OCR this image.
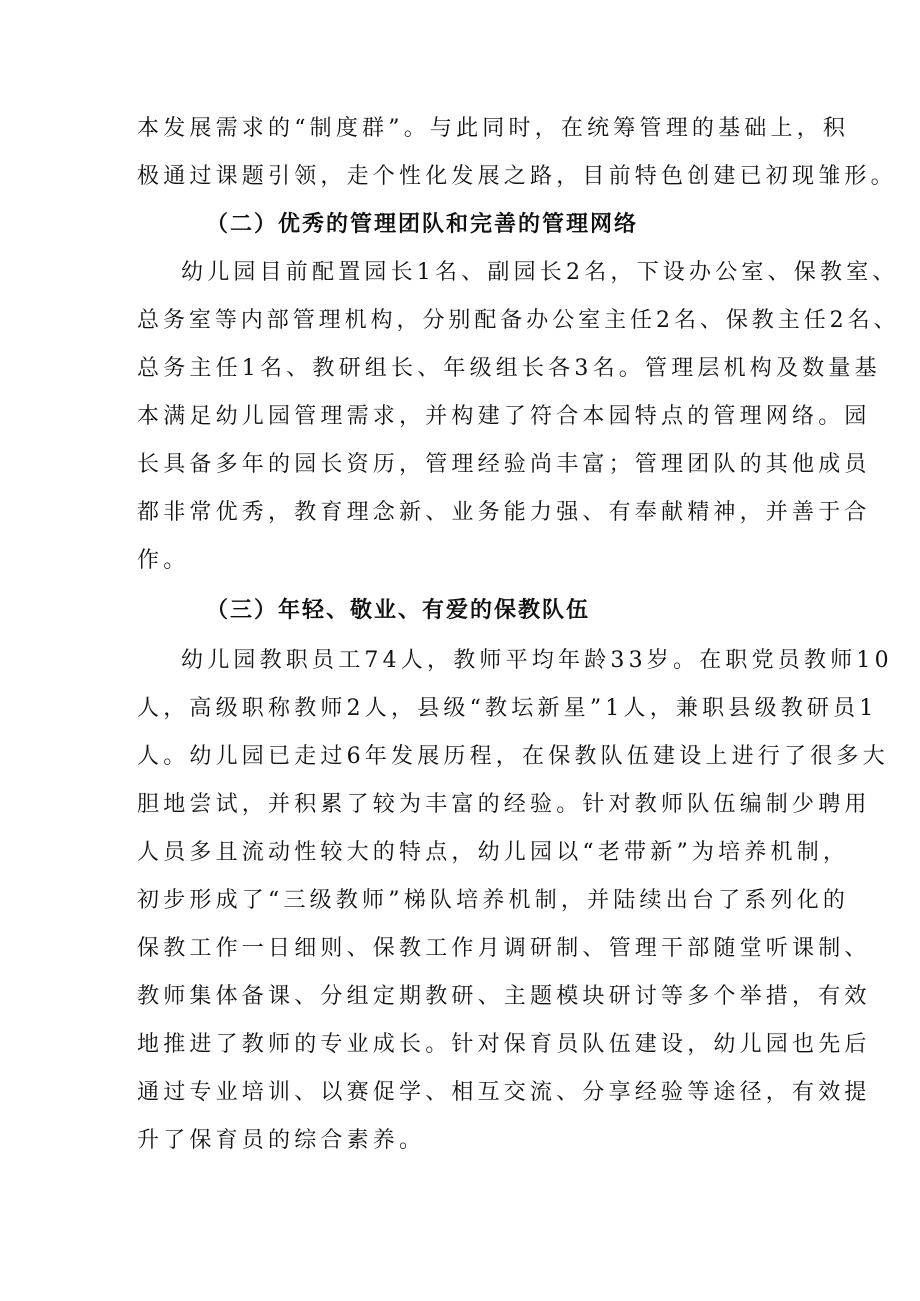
本发展需求的“制度群”。与此同时，在统筹管理的基础上，积

极通过课题引领，走个性化发展之路，目前特色创建已初现雏形。

（二）优秀的管理团队和完善的管理网络

幼儿园目前配置园长1名、副园长2名，下设办公室、保教室、

总务室等内部管理机构，分别配备办公室主任2名、保教主任2名、

总务主任1名、教研组长、年级组长各3名。管理层机构及数量基

本满足幼儿园管理需求，并构建了符合本园特点的管理网络。园

长具备多年的园长资历，管理经验尚丰富；管理团队的其他成员

都非常优秀，教育理念新、业务能力强、有奉献精神，并善于合

作。

（三）年轻、敬业、有爱的保教队伍

幼儿园教职员工74人，教师平均年龄33岁。在职党员教师10

人，高级职称教师2人，县级“教坛新星”1人，兼职县级教研员1

人。幼儿园已走过6年发展历程，在保教队伍建设上进行了很多大

胆地尝试，并积累了较为丰富的经验。针对教师队伍编制少聘用

人员多且流动性较大的特点，幼儿园以“老带新”为培养机制，

初步形成了“三级教师”梯队培养机制，并陆续出台了系列化的

保教工作一日细则、保教工作月调研制、管理干部随堂听课制、

教师集体备课、分组定期教研、主题模块研讨等多个举措，有效

地推进了教师的专业成长。针对保育员队伍建设，幼儿园也先后

通过专业培训、以赛促学、相互交流、分享经验等途径，有效提

升了保育员的综合素养。
